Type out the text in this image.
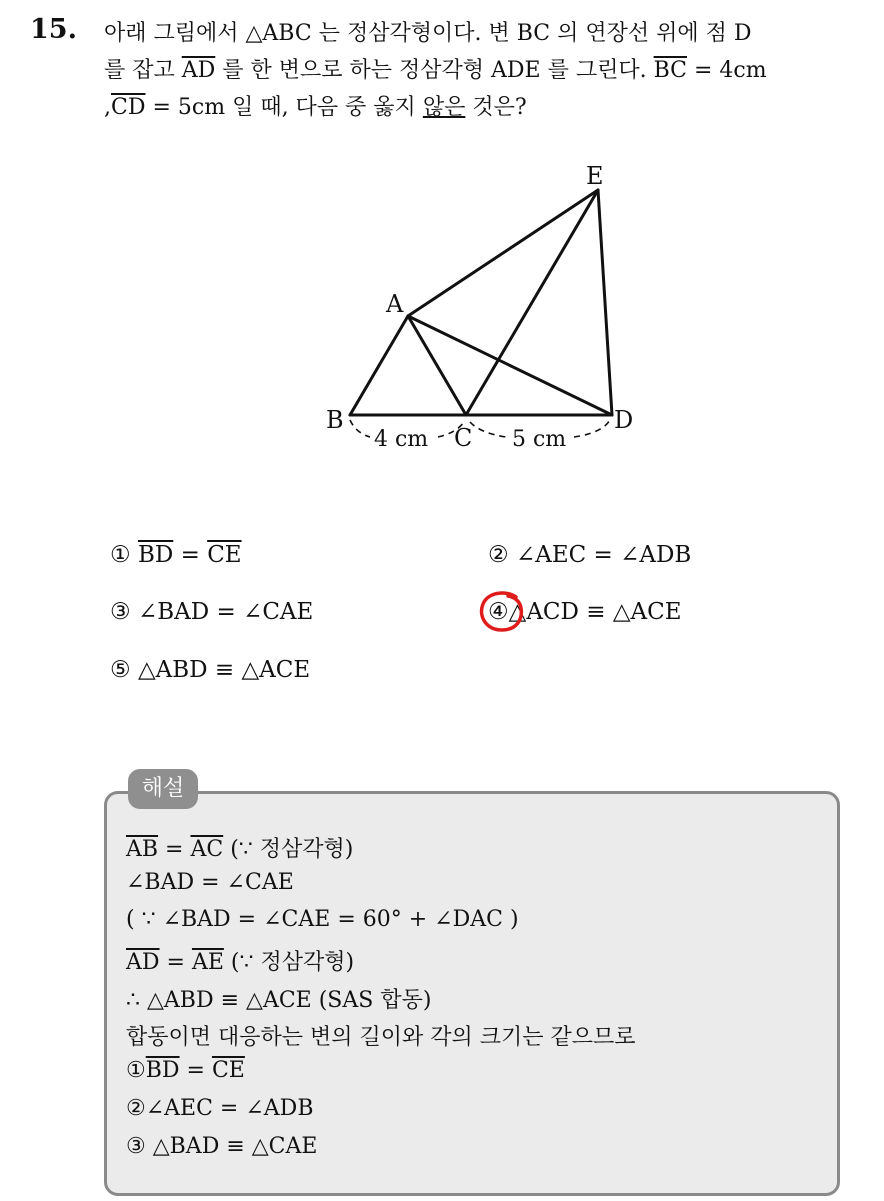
15. 아래 그림에서 △ABC 는 정삼각형이다. 변 BC 의 연장선 위에 점 D
를 잡고 $\overline{AD}$ 를 한 변으로 하는 정삼각형 ADE 를 그린다. $\overline{BC} = 4cm$
$,\overline{CD} = 5cm$ 일 때, 다음 중 옳지 않은 것은?
E
A
B
C
D
4 cm	5 cm
① $\overline{BD} = \overline{CE}$	② ∠AEC = ∠ADB
③ ∠BAD = ∠CAE	④△ACD ≡ △ACE
⑤ △ABD ≡ △ACE
해설
$\overline{AB} = \overline{AC}$ (∵ 정삼각형)
∠BAD = ∠CAE
( ∵ ∠BAD = ∠CAE = 60° + ∠DAC )
$\overline{AD} = \overline{AE}$ (∵ 정삼각형)
∴ △ABD ≡ △ACE (SAS 합동)
합동이면 대응하는 변의 길이와 각의 크기는 같으므로
$①\overline{BD} = \overline{CE}$
②∠AEC = ∠ADB
③ △BAD ≡ △CAE
